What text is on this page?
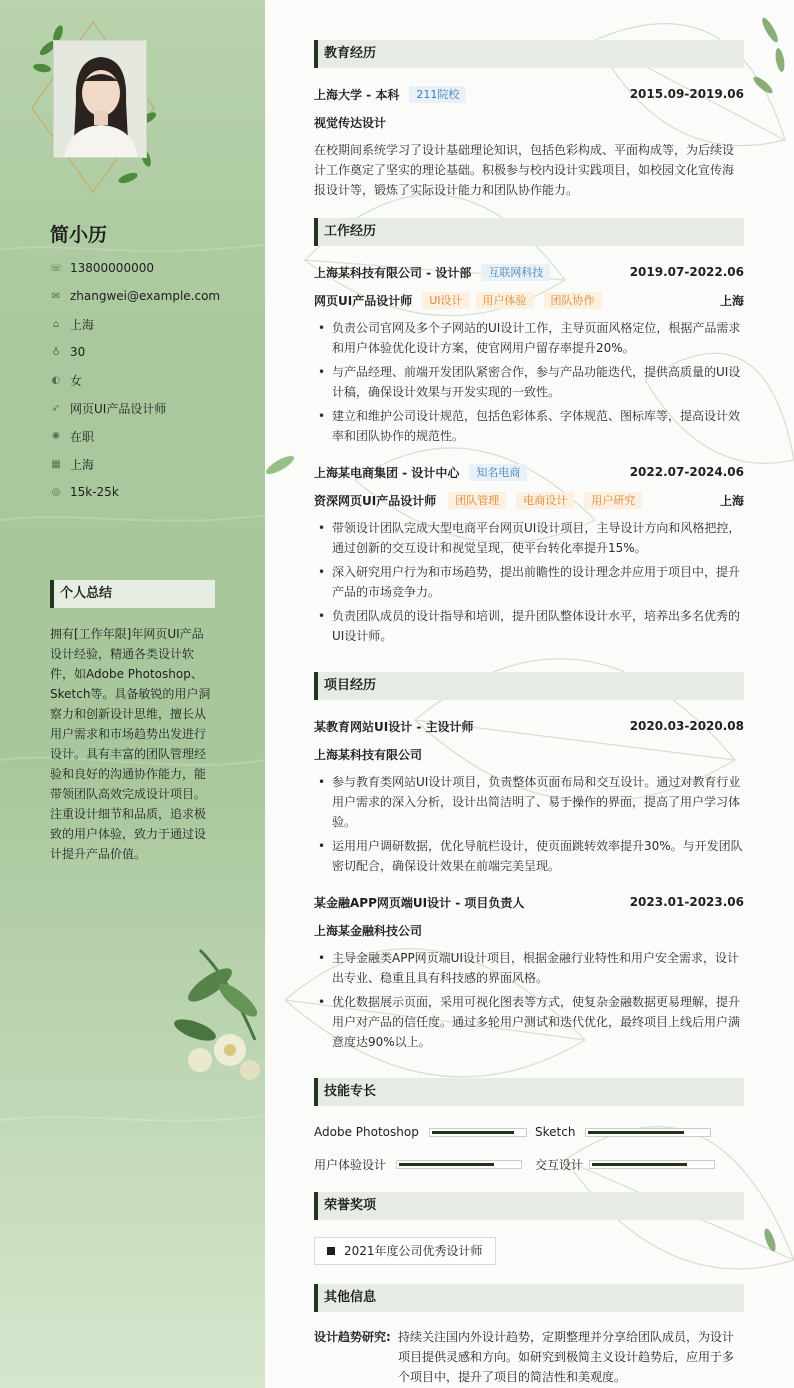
简小历
☏ 13800000000
✉ zhangwei@example.com
⌂ 上海
♁ 30
◐ 女
➶ 网页UI产品设计师
✺ 在职
▦ 上海
◎ 15k-25k
个人总结
拥有[工作年限]年网页UI产品设计经验，精通各类设计软件，如Adobe Photoshop、Sketch等。具备敏锐的用户洞察力和创新设计思维，擅长从用户需求和市场趋势出发进行设计。具有丰富的团队管理经验和良好的沟通协作能力，能带领团队高效完成设计项目。注重设计细节和品质，追求极致的用户体验，致力于通过设计提升产品价值。
教育经历
上海大学 - 本科	211院校	2015.09-2019.06
视觉传达设计
在校期间系统学习了设计基础理论知识，包括色彩构成、平面构成等，为后续设计工作奠定了坚实的理论基础。积极参与校内设计实践项目，如校园文化宣传海报设计等，锻炼了实际设计能力和团队协作能力。
工作经历
上海某科技有限公司 - 设计部	互联网科技	2019.07-2022.06
网页UI产品设计师	UI设计	用户体验	团队协作	上海
• 负责公司官网及多个子网站的UI设计工作，主导页面风格定位，根据产品需求和用户体验优化设计方案，使官网用户留存率提升20%。
• 与产品经理、前端开发团队紧密合作，参与产品功能迭代，提供高质量的UI设计稿，确保设计效果与开发实现的一致性。
• 建立和维护公司设计规范，包括色彩体系、字体规范、图标库等，提高设计效率和团队协作的规范性。
上海某电商集团 - 设计中心	知名电商	2022.07-2024.06
资深网页UI产品设计师	团队管理	电商设计	用户研究	上海
• 带领设计团队完成大型电商平台网页UI设计项目，主导设计方向和风格把控，通过创新的交互设计和视觉呈现，使平台转化率提升15%。
• 深入研究用户行为和市场趋势，提出前瞻性的设计理念并应用于项目中，提升产品的市场竞争力。
• 负责团队成员的设计指导和培训，提升团队整体设计水平，培养出多名优秀的UI设计师。
项目经历
某教育网站UI设计 - 主设计师	2020.03-2020.08
上海某科技有限公司
• 参与教育类网站UI设计项目，负责整体页面布局和交互设计。通过对教育行业用户需求的深入分析，设计出简洁明了、易于操作的界面，提高了用户学习体验。
• 运用用户调研数据，优化导航栏设计，使页面跳转效率提升30%。与开发团队密切配合，确保设计效果在前端完美呈现。
某金融APP网页端UI设计 - 项目负责人	2023.01-2023.06
上海某金融科技公司
• 主导金融类APP网页端UI设计项目，根据金融行业特性和用户安全需求，设计出专业、稳重且具有科技感的界面风格。
• 优化数据展示页面，采用可视化图表等方式，使复杂金融数据更易理解，提升用户对产品的信任度。通过多轮用户测试和迭代优化，最终项目上线后用户满意度达90%以上。
技能专长
Adobe Photoshop	Sketch
用户体验设计	交互设计
荣誉奖项
2021年度公司优秀设计师
其他信息
设计趋势研究: 持续关注国内外设计趋势，定期整理并分享给团队成员，为设计项目提供灵感和方向。如研究到极简主义设计趋势后，应用于多个项目中，提升了项目的简洁性和美观度。
